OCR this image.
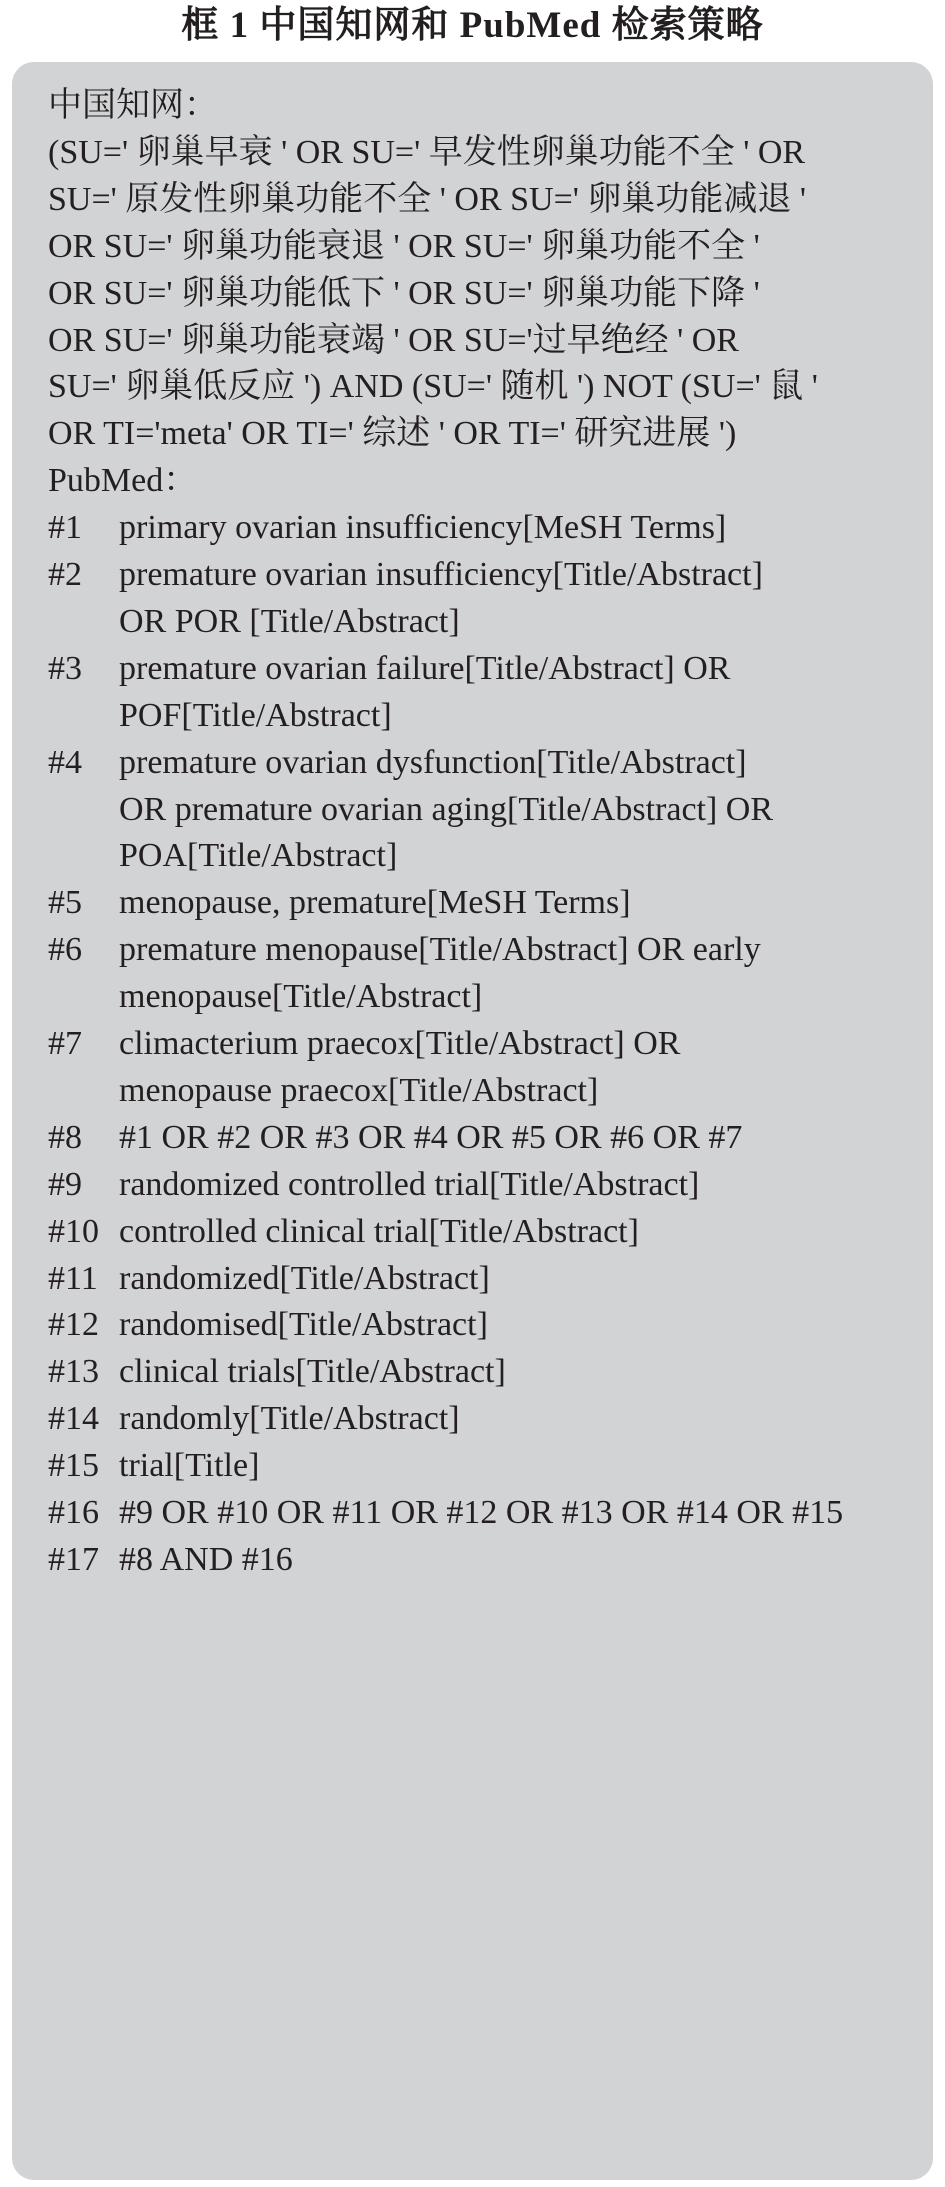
框 1 中国知网和 PubMed 检索策略
中国知网：
(SU=' 卵巢早衰 ' OR SU=' 早发性卵巢功能不全 ' OR
SU=' 原发性卵巢功能不全 ' OR SU=' 卵巢功能减退 '
OR SU=' 卵巢功能衰退 ' OR SU=' 卵巢功能不全 '
OR SU=' 卵巢功能低下 ' OR SU=' 卵巢功能下降 '
OR SU=' 卵巢功能衰竭 ' OR SU='过早绝经 ' OR
SU=' 卵巢低反应 ') AND (SU=' 随机 ') NOT (SU=' 鼠 '
OR TI='meta' OR TI=' 综述 ' OR TI=' 研究进展 ')
PubMed：
#1	primary ovarian insufficiency[MeSH Terms]
#2	premature ovarian insufficiency[Title/Abstract]
OR POR [Title/Abstract]
#3	premature ovarian failure[Title/Abstract] OR
POF[Title/Abstract]
#4	premature ovarian dysfunction[Title/Abstract]
OR premature ovarian aging[Title/Abstract] OR
POA[Title/Abstract]
#5	menopause, premature[MeSH Terms]
#6	premature menopause[Title/Abstract] OR early
menopause[Title/Abstract]
#7	climacterium praecox[Title/Abstract] OR
menopause praecox[Title/Abstract]
#8	#1 OR #2 OR #3 OR #4 OR #5 OR #6 OR #7
#9	randomized controlled trial[Title/Abstract]
#10 controlled clinical trial[Title/Abstract]
#11 randomized[Title/Abstract]
#12 randomised[Title/Abstract]
#13 clinical trials[Title/Abstract]
#14 randomly[Title/Abstract]
#15 trial[Title]
#16 #9 OR #10 OR #11 OR #12 OR #13 OR #14 OR #15
#17 #8 AND #16
